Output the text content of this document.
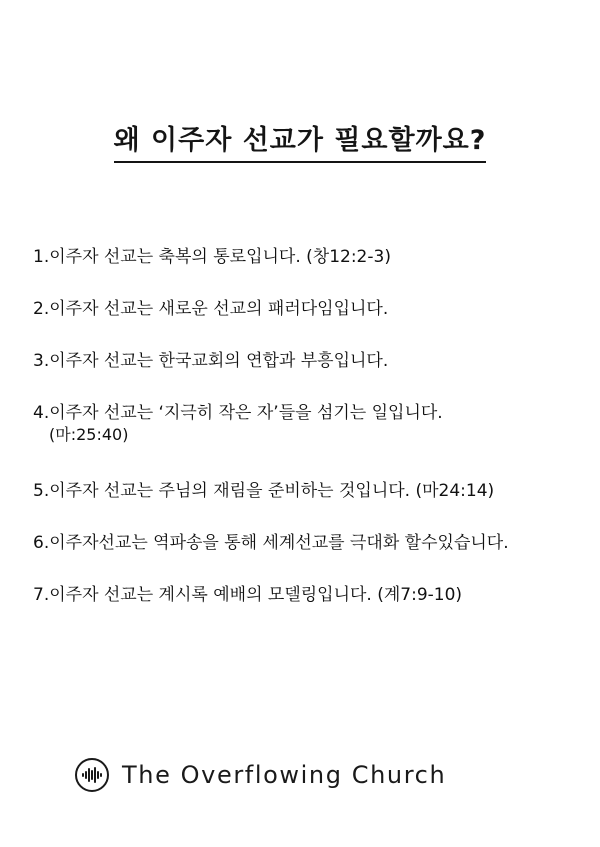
왜 이주자 선교가 필요할까요?
1.이주자 선교는 축복의 통로입니다. (창12:2-3)
2.이주자 선교는 새로운 선교의 패러다임입니다.
3.이주자 선교는 한국교회의 연합과 부흥입니다.
4.이주자 선교는 ‘지극히 작은 자’들을 섬기는 일입니다.
(마:25:40)
5.이주자 선교는 주님의 재림을 준비하는 것입니다. (마24:14)
6.이주자선교는 역파송을 통해 세계선교를 극대화 할수있습니다.
7.이주자 선교는 계시록 예배의 모델링입니다. (계7:9-10)
The Overflowing Church
